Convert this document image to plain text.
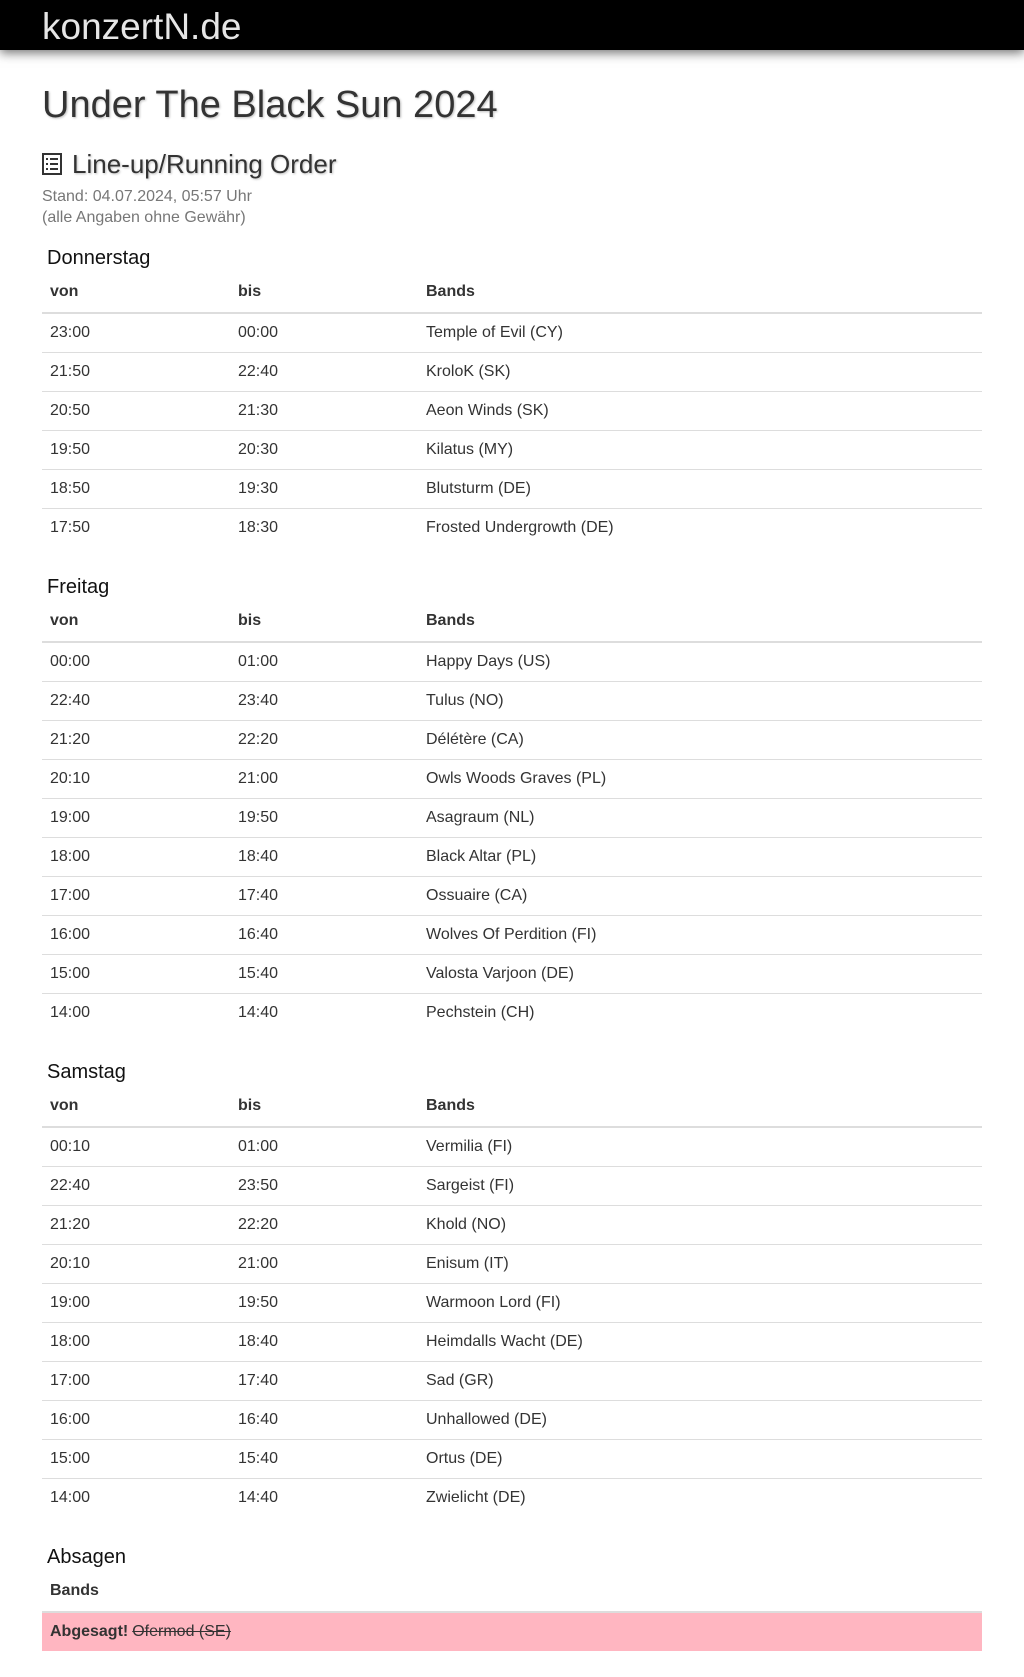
konzertN.de
Under The Black Sun 2024
Line-up/Running Order
Stand: 04.07.2024, 05:57 Uhr
(alle Angaben ohne Gewähr)
Donnerstag
von	bis	Bands
23:00	00:00	Temple of Evil (CY)
21:50	22:40	KroloK (SK)
20:50	21:30	Aeon Winds (SK)
19:50	20:30	Kilatus (MY)
18:50	19:30	Blutsturm (DE)
17:50	18:30	Frosted Undergrowth (DE)
Freitag
von	bis	Bands
00:00	01:00	Happy Days (US)
22:40	23:40	Tulus (NO)
21:20	22:20	Délétère (CA)
20:10	21:00	Owls Woods Graves (PL)
19:00	19:50	Asagraum (NL)
18:00	18:40	Black Altar (PL)
17:00	17:40	Ossuaire (CA)
16:00	16:40	Wolves Of Perdition (FI)
15:00	15:40	Valosta Varjoon (DE)
14:00	14:40	Pechstein (CH)
Samstag
von	bis	Bands
00:10	01:00	Vermilia (FI)
22:40	23:50	Sargeist (FI)
21:20	22:20	Khold (NO)
20:10	21:00	Enisum (IT)
19:00	19:50	Warmoon Lord (FI)
18:00	18:40	Heimdalls Wacht (DE)
17:00	17:40	Sad (GR)
16:00	16:40	Unhallowed (DE)
15:00	15:40	Ortus (DE)
14:00	14:40	Zwielicht (DE)
Absagen
Bands
Abgesagt! Ofermod (SE)
